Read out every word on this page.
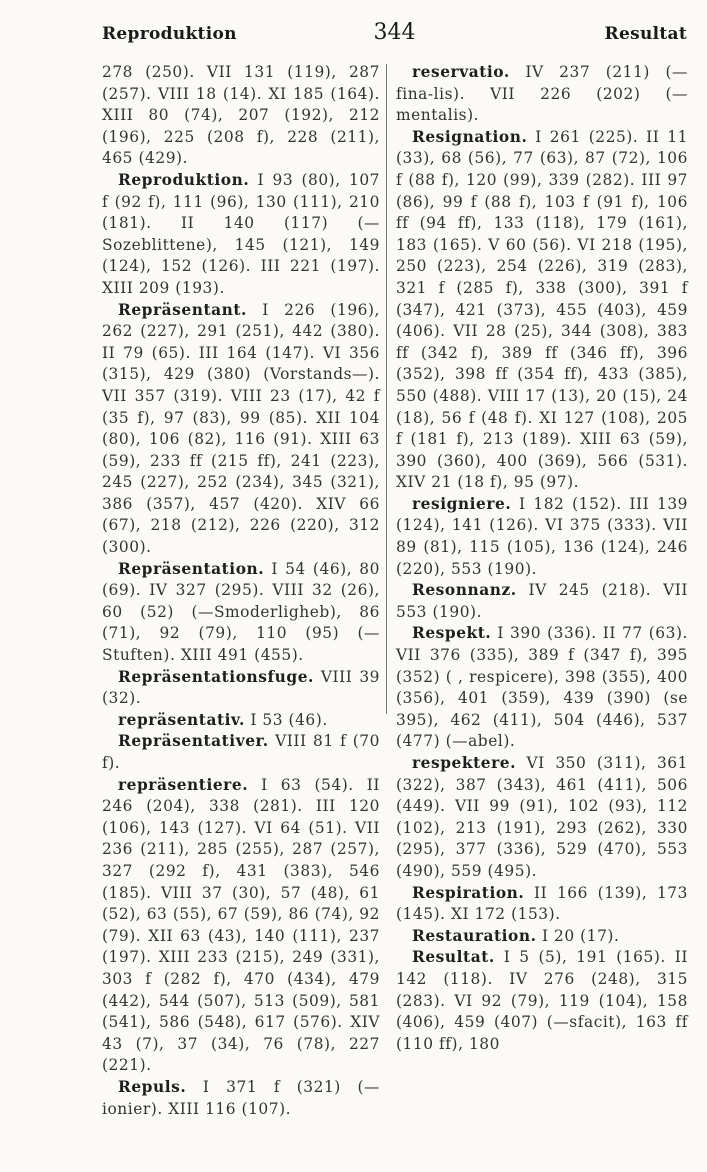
Reproduktion	344	Resultat

278 (250). VII 131 (119), 287 (257). VIII 18 (14). XI 185 (164). XIII 80 (74), 207 (192), 212 (196), 225 (208 f), 228 (211), 465 (429).

Reproduktion. I 93 (80), 107 f (92 f), 111 (96), 130 (111), 210 (181). II 140 (117) (—Sozeblittene), 145 (121), 149 (124), 152 (126). III 221 (197). XIII 209 (193).

Repräsentant. I 226 (196), 262 (227), 291 (251), 442 (380). II 79 (65). III 164 (147). VI 356 (315), 429 (380) (Vorstands—). VII 357 (319). VIII 23 (17), 42 f (35 f), 97 (83), 99 (85). XII 104 (80), 106 (82), 116 (91). XIII 63 (59), 233 ff (215 ff), 241 (223), 245 (227), 252 (234), 345 (321), 386 (357), 457 (420). XIV 66 (67), 218 (212), 226 (220), 312 (300).

Repräsentation. I 54 (46), 80 (69). IV 327 (295). VIII 32 (26), 60 (52) (—Smoderligheb), 86 (71), 92 (79), 110 (95) (—Stuften). XIII 491 (455).

Repräsentationsfuge. VIII 39 (32).

repräsentativ. I 53 (46).

Repräsentativer. VIII 81 f (70 f).

repräsentiere. I 63 (54). II 246 (204), 338 (281). III 120 (106), 143 (127). VI 64 (51). VII 236 (211), 285 (255), 287 (257), 327 (292 f), 431 (383), 546 (185). VIII 37 (30), 57 (48), 61 (52), 63 (55), 67 (59), 86 (74), 92 (79). XII 63 (43), 140 (111), 237 (197). XIII 233 (215), 249 (331), 303 f (282 f), 470 (434), 479 (442), 544 (507), 513 (509), 581 (541), 586 (548), 617 (576). XIV 43 (7), 37 (34), 76 (78), 227 (221).

Repuls. I 371 f (321) (—ionier). XIII 116 (107).

reservatio. IV 237 (211) (— fina-lis). VII 226 (202) (— mentalis).

Resignation. I 261 (225). II 11 (33), 68 (56), 77 (63), 87 (72), 106 f (88 f), 120 (99), 339 (282). III 97 (86), 99 f (88 f), 103 f (91 f), 106 ff (94 ff), 133 (118), 179 (161), 183 (165). V 60 (56). VI 218 (195), 250 (223), 254 (226), 319 (283), 321 f (285 f), 338 (300), 391 f (347), 421 (373), 455 (403), 459 (406). VII 28 (25), 344 (308), 383 ff (342 f), 389 ff (346 ff), 396 (352), 398 ff (354 ff), 433 (385), 550 (488). VIII 17 (13), 20 (15), 24 (18), 56 f (48 f). XI 127 (108), 205 f (181 f), 213 (189). XIII 63 (59), 390 (360), 400 (369), 566 (531). XIV 21 (18 f), 95 (97).

resigniere. I 182 (152). III 139 (124), 141 (126). VI 375 (333). VII 89 (81), 115 (105), 136 (124), 246 (220), 553 (190).

Resonnanz. IV 245 (218). VII 553 (190).

Respekt. I 390 (336). II 77 (63). VII 376 (335), 389 f (347 f), 395 (352) ( , respicere), 398 (355), 400 (356), 401 (359), 439 (390) (se 395), 462 (411), 504 (446), 537 (477) (—abel).

respektere. VI 350 (311), 361 (322), 387 (343), 461 (411), 506 (449). VII 99 (91), 102 (93), 112 (102), 213 (191), 293 (262), 330 (295), 377 (336), 529 (470), 553 (490), 559 (495).

Respiration. II 166 (139), 173 (145). XI 172 (153).

Restauration. I 20 (17).

Resultat. I 5 (5), 191 (165). II 142 (118). IV 276 (248), 315 (283). VI 92 (79), 119 (104), 158 (406), 459 (407) (—sfacit), 163 ff (110 ff), 180
